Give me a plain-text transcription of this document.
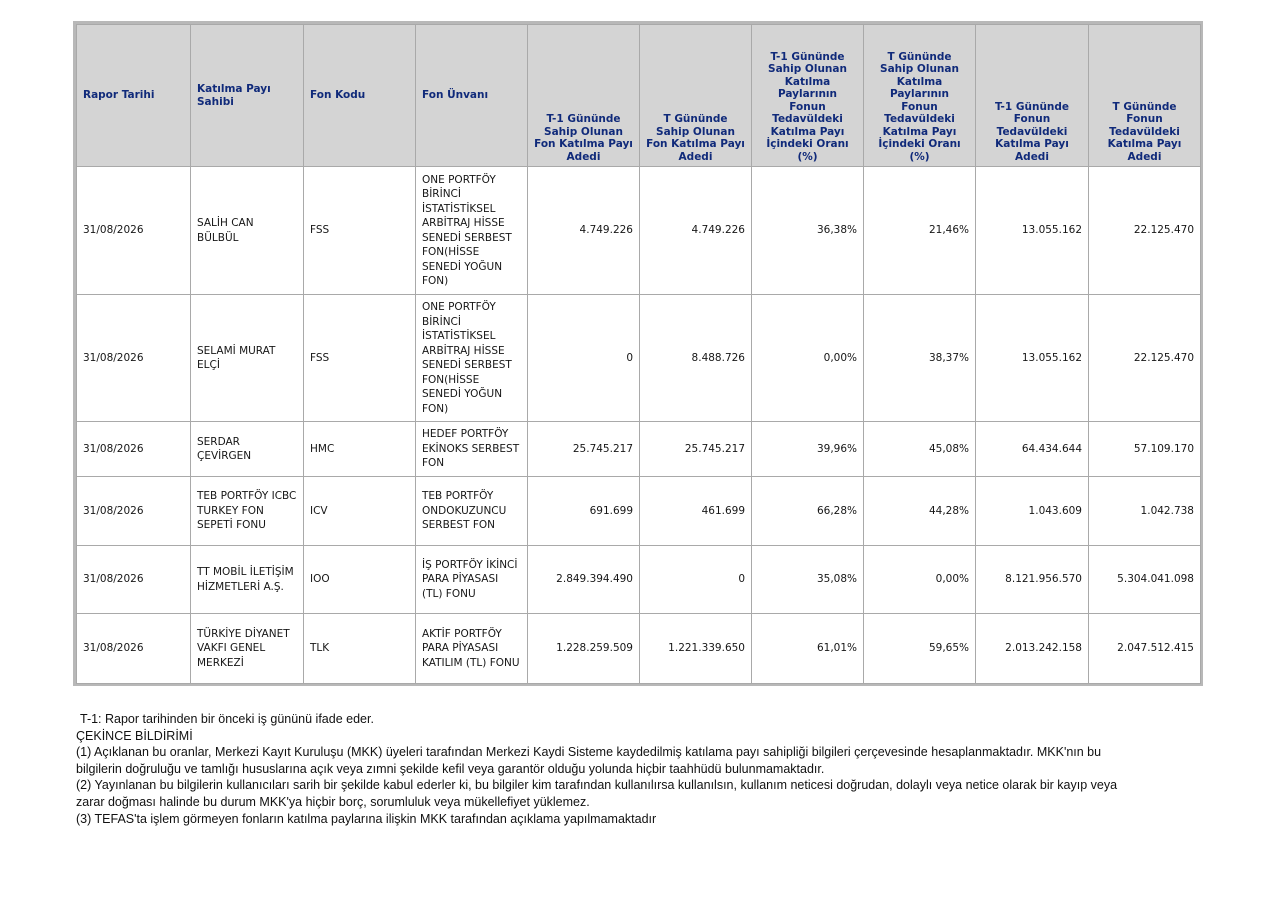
Rapor Tarihi	Katılma Payı Sahibi	Fon Kodu	Fon Ünvanı	T-1 Gününde Sahip Olunan Fon Katılma Payı Adedi	T Gününde Sahip Olunan Fon Katılma Payı Adedi	T-1 Gününde Sahip Olunan Katılma Paylarının Fonun Tedavüldeki Katılma Payı İçindeki Oranı (%)	T Gününde Sahip Olunan Katılma Paylarının Fonun Tedavüldeki Katılma Payı İçindeki Oranı (%)	T-1 Gününde Fonun Tedavüldeki Katılma Payı Adedi	T Gününde Fonun Tedavüldeki Katılma Payı Adedi

31/08/2026	SALİH CAN BÜLBÜL	FSS	ONE PORTFÖY BİRİNCİ İSTATİSTİKSEL ARBİTRAJ HİSSE SENEDİ SERBEST FON(HİSSE SENEDİ YOĞUN FON)	4.749.226	4.749.226	36,38%	21,46%	13.055.162	22.125.470
31/08/2026	SELAMİ MURAT ELÇİ	FSS	ONE PORTFÖY BİRİNCİ İSTATİSTİKSEL ARBİTRAJ HİSSE SENEDİ SERBEST FON(HİSSE SENEDİ YOĞUN FON)	0	8.488.726	0,00%	38,37%	13.055.162	22.125.470
31/08/2026	SERDAR ÇEVİRGEN	HMC	HEDEF PORTFÖY EKİNOKS SERBEST FON	25.745.217	25.745.217	39,96%	45,08%	64.434.644	57.109.170
31/08/2026	TEB PORTFÖY ICBC TURKEY FON SEPETİ FONU	ICV	TEB PORTFÖY ONDOKUZUNCU SERBEST FON	691.699	461.699	66,28%	44,28%	1.043.609	1.042.738
31/08/2026	TT MOBİL İLETİŞİM HİZMETLERİ A.Ş.	IOO	İŞ PORTFÖY İKİNCİ PARA PİYASASI (TL) FONU	2.849.394.490	0	35,08%	0,00%	8.121.956.570	5.304.041.098
31/08/2026	TÜRKİYE DİYANET VAKFI GENEL MERKEZİ	TLK	AKTİF PORTFÖY PARA PİYASASI KATILIM (TL) FONU	1.228.259.509	1.221.339.650	61,01%	59,65%	2.013.242.158	2.047.512.415

T-1: Rapor tarihinden bir önceki iş gününü ifade eder.

ÇEKİNCE BİLDİRİMİ

(1) Açıklanan bu oranlar, Merkezi Kayıt Kuruluşu (MKK) üyeleri tarafından Merkezi Kaydi Sisteme kaydedilmiş katılama payı sahipliği bilgileri çerçevesinde hesaplanmaktadır. MKK'nın bu bilgilerin doğruluğu ve tamlığı hususlarına açık veya zımni şekilde kefil veya garantör olduğu yolunda hiçbir taahhüdü bulunmamaktadır.

(2) Yayınlanan bu bilgilerin kullanıcıları sarih bir şekilde kabul ederler ki, bu bilgiler kim tarafından kullanılırsa kullanılsın, kullanım neticesi doğrudan, dolaylı veya netice olarak bir kayıp veya zarar doğması halinde bu durum MKK'ya hiçbir borç, sorumluluk veya mükellefiyet yüklemez.

(3) TEFAS'ta işlem görmeyen fonların katılma paylarına ilişkin MKK tarafından açıklama yapılmamaktadır
